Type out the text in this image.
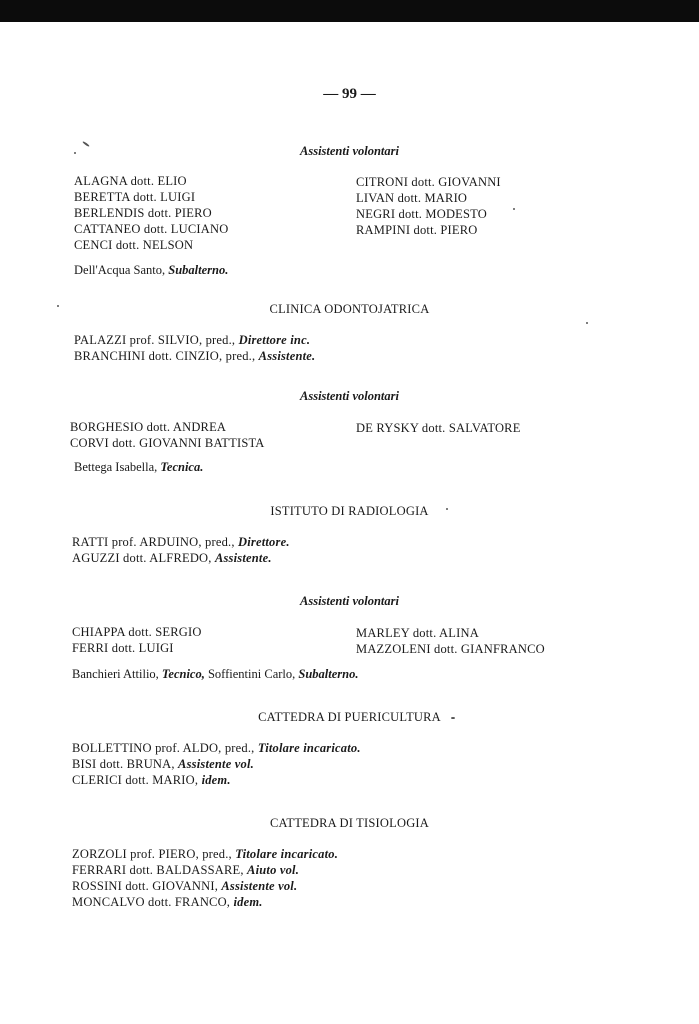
— 99 —
Assistenti volontari
ALAGNA dott. ELIO
BERETTA dott. LUIGI
BERLENDIS dott. PIERO
CATTANEO dott. LUCIANO
CENCI dott. NELSON
CITRONI dott. GIOVANNI
LIVAN dott. MARIO
NEGRI dott. MODESTO
RAMPINI dott. PIERO
Dell'Acqua Santo, Subalterno.
CLINICA ODONTOJATRICA
PALAZZI prof. SILVIO, pred., Direttore inc.
BRANCHINI dott. CINZIO, pred., Assistente.
Assistenti volontari
BORGHESIO dott. ANDREA
CORVI dott. GIOVANNI BATTISTA
DE RYSKY dott. SALVATORE
Bettega Isabella, Tecnica.
ISTITUTO DI RADIOLOGIA
RATTI prof. ARDUINO, pred., Direttore.
AGUZZI dott. ALFREDO, Assistente.
Assistenti volontari
CHIAPPA dott. SERGIO
FERRI dott. LUIGI
MARLEY dott. ALINA
MAZZOLENI dott. GIANFRANCO
Banchieri Attilio, Tecnico, Soffientini Carlo, Subalterno.
CATTEDRA DI PUERICULTURA
BOLLETTINO prof. ALDO, pred., Titolare incaricato.
BISI dott. BRUNA, Assistente vol.
CLERICI dott. MARIO, idem.
CATTEDRA DI TISIOLOGIA
ZORZOLI prof. PIERO, pred., Titolare incaricato.
FERRARI dott. BALDASSARE, Aiuto vol.
ROSSINI dott. GIOVANNI, Assistente vol.
MONCALVO dott. FRANCO, idem.
